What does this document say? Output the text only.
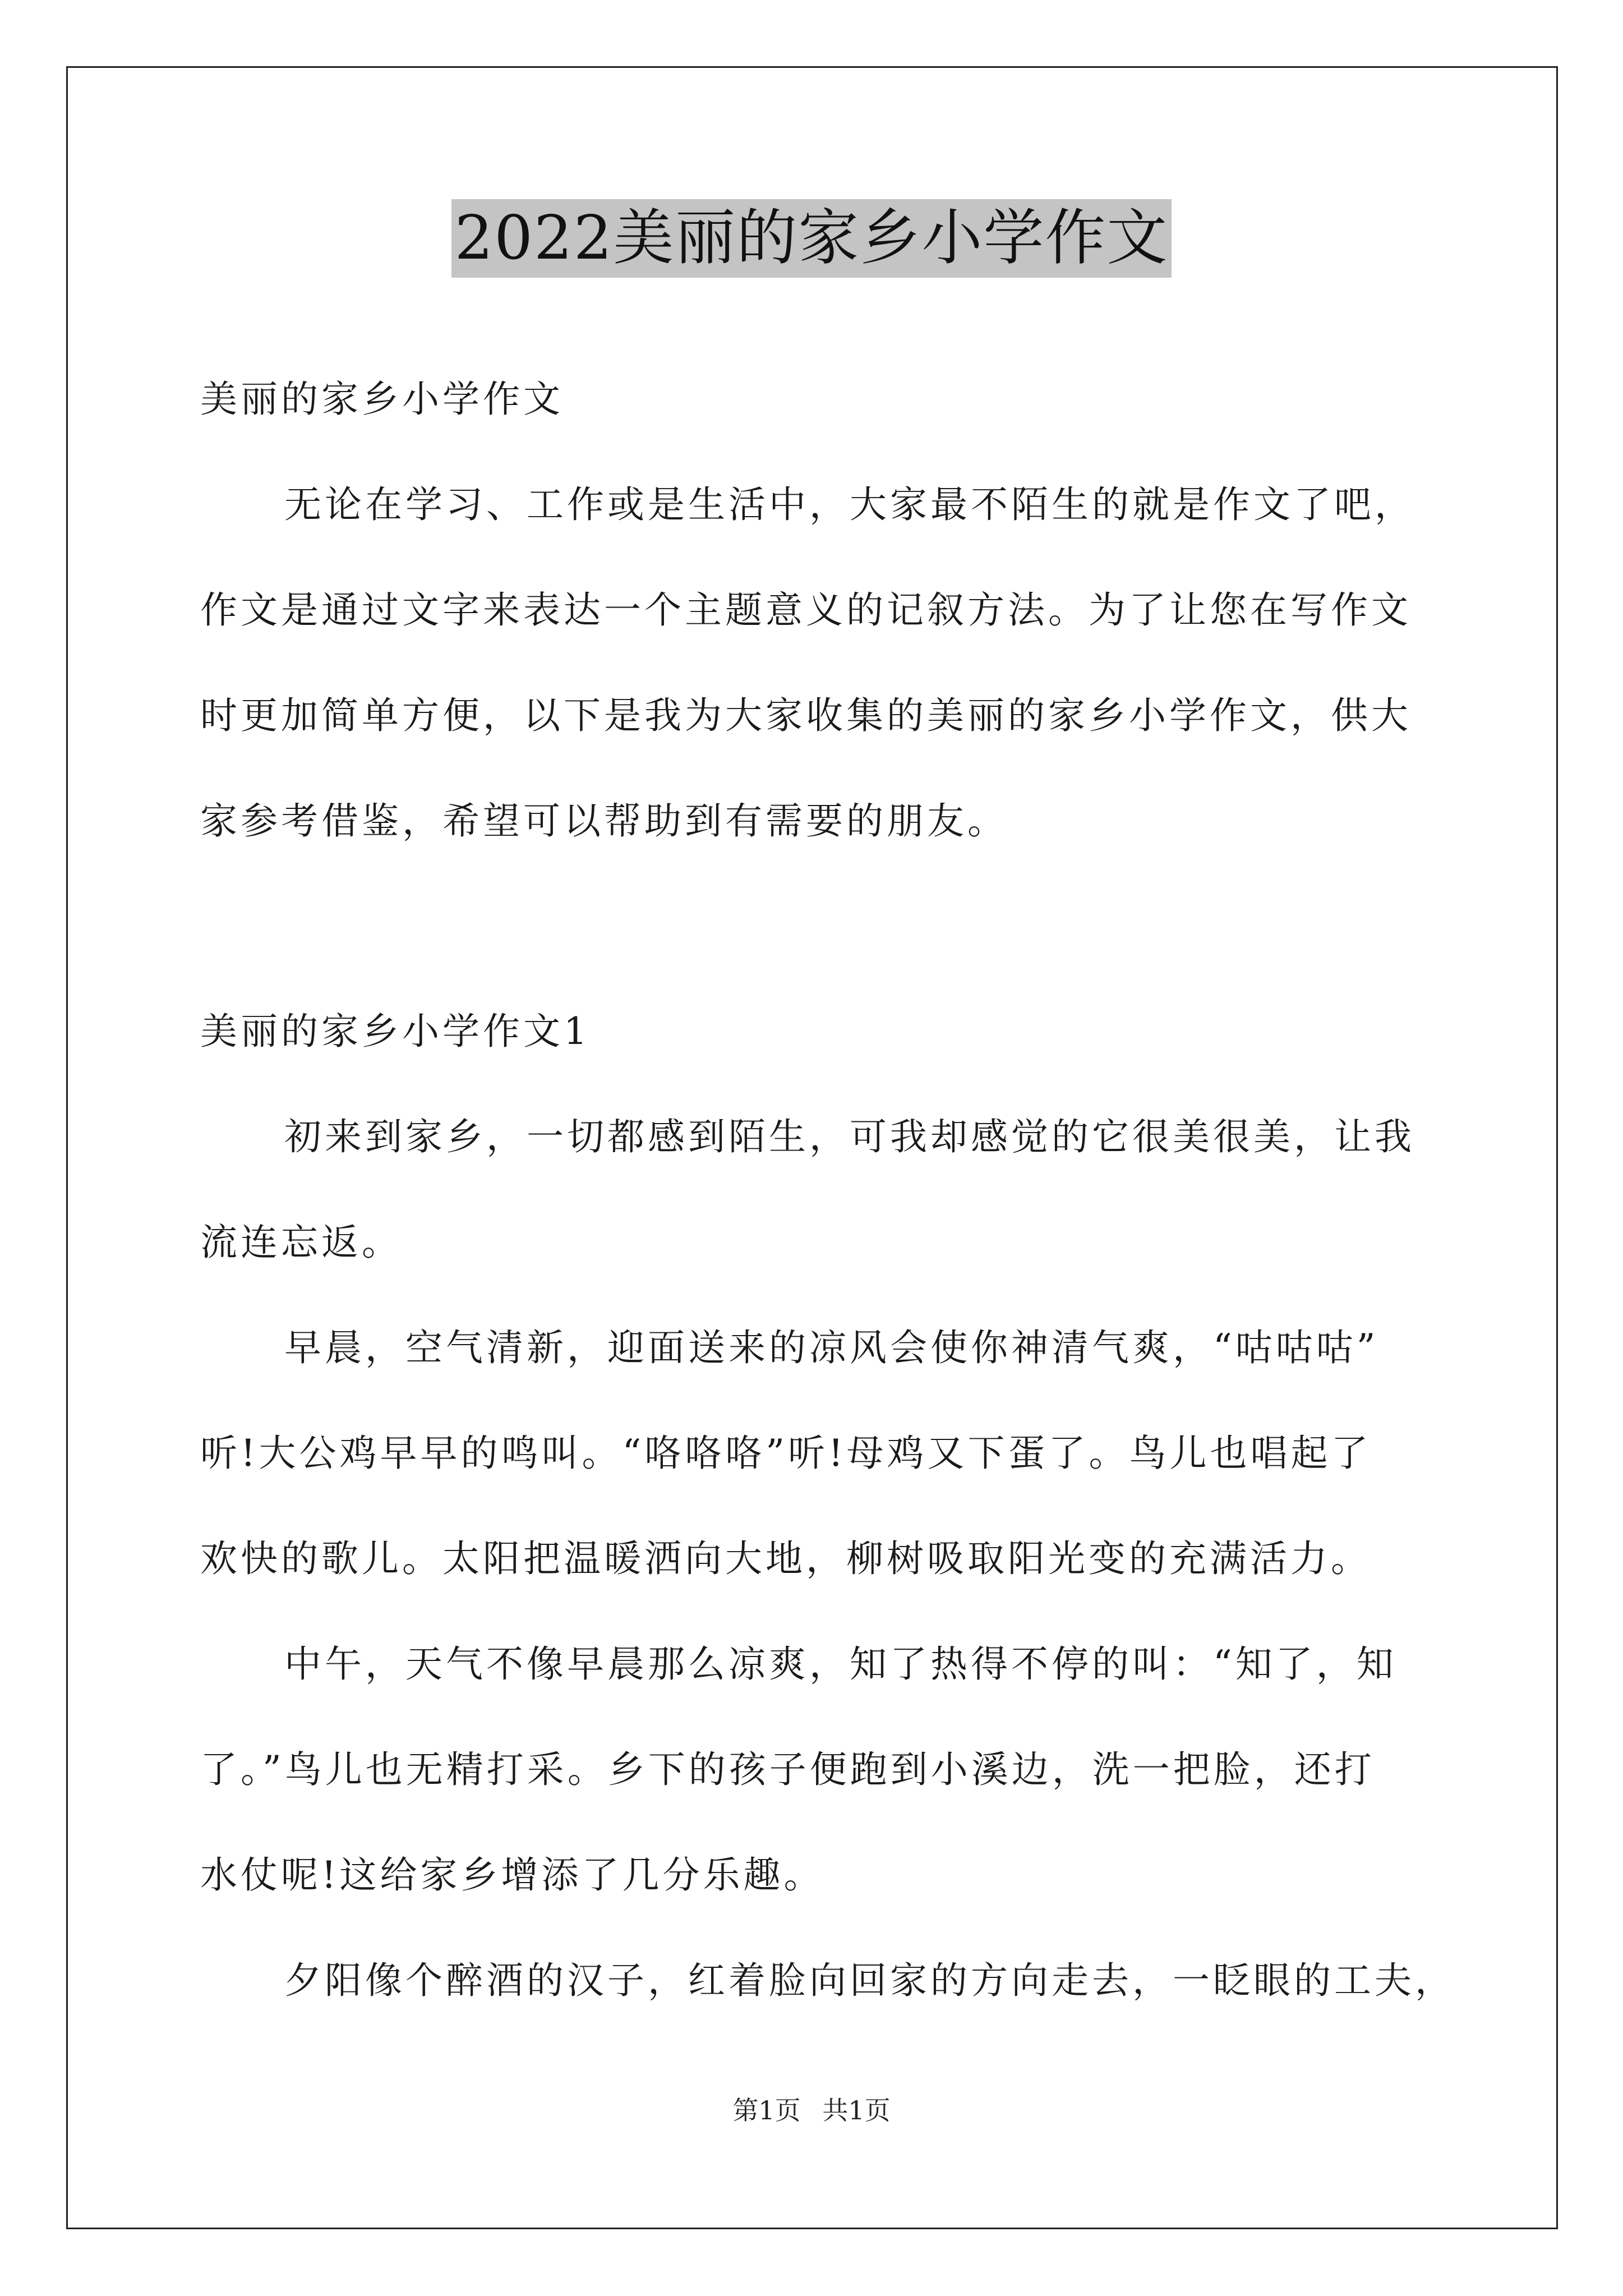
2022美丽的家乡小学作文
美丽的家乡小学作文
无论在学习、工作或是生活中，大家最不陌生的就是作文了吧，
作文是通过文字来表达一个主题意义的记叙方法。为了让您在写作文
时更加简单方便，以下是我为大家收集的美丽的家乡小学作文，供大
家参考借鉴，希望可以帮助到有需要的朋友。
美丽的家乡小学作文1
初来到家乡，一切都感到陌生，可我却感觉的它很美很美，让我
流连忘返。
早晨，空气清新，迎面送来的凉风会使你神清气爽，“咕咕咕”
听!大公鸡早早的鸣叫。“咯咯咯”听!母鸡又下蛋了。鸟儿也唱起了
欢快的歌儿。太阳把温暖洒向大地，柳树吸取阳光变的充满活力。
中午，天气不像早晨那么凉爽，知了热得不停的叫：“知了，知
了。”鸟儿也无精打采。乡下的孩子便跑到小溪边，洗一把脸，还打
水仗呢!这给家乡增添了几分乐趣。
夕阳像个醉酒的汉子，红着脸向回家的方向走去，一眨眼的工夫，
第1页 共1页
